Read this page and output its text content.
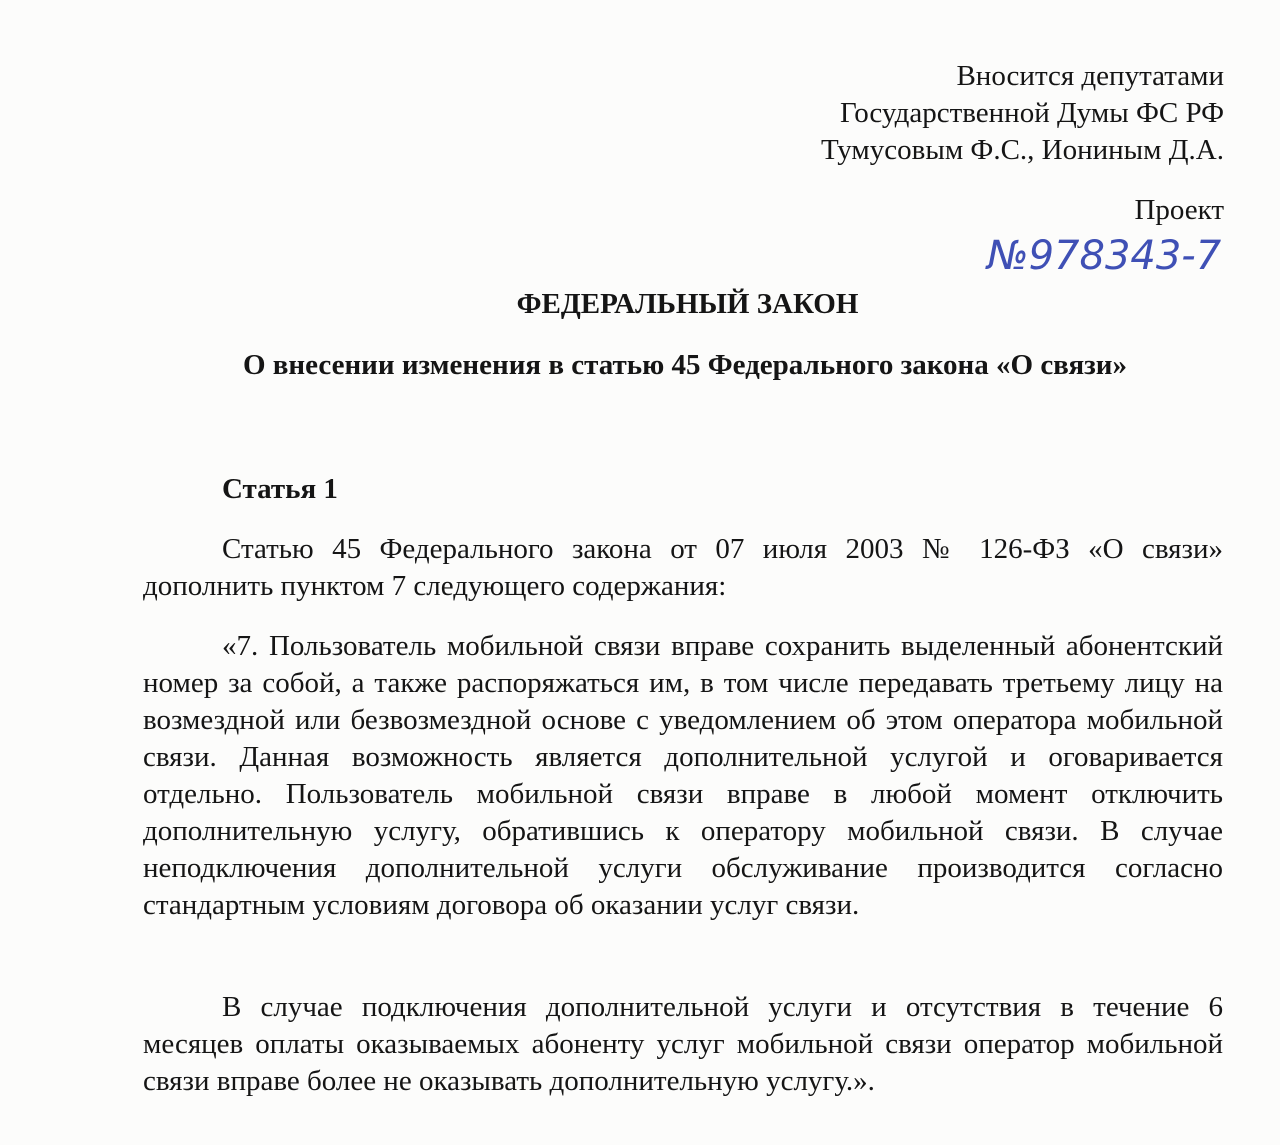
Вносится депутатами
Государственной Думы ФС РФ
Тумусовым Ф.С., Иониным Д.А.
Проект
№978343-7
ФЕДЕРАЛЬНЫЙ ЗАКОН
О внесении изменения в статью 45 Федерального закона «О связи»
Статья 1

Статью 45 Федерального закона от 07 июля 2003 № 126-ФЗ «О связи» дополнить пунктом 7 следующего содержания:

«7. Пользователь мобильной связи вправе сохранить выделенный абонентский номер за собой, а также распоряжаться им, в том числе передавать третьему лицу на возмездной или безвозмездной основе с уведомлением об этом оператора мобильной связи. Данная возможность является дополнительной услугой и оговаривается отдельно. Пользователь мобильной связи вправе в любой момент отключить дополнительную услугу, обратившись к оператору мобильной связи. В случае неподключения дополнительной услуги обслуживание производится согласно стандартным условиям договора об оказании услуг связи.

В случае подключения дополнительной услуги и отсутствия в течение 6 месяцев оплаты оказываемых абоненту услуг мобильной связи оператор мобильной связи вправе более не оказывать дополнительную услугу.».
